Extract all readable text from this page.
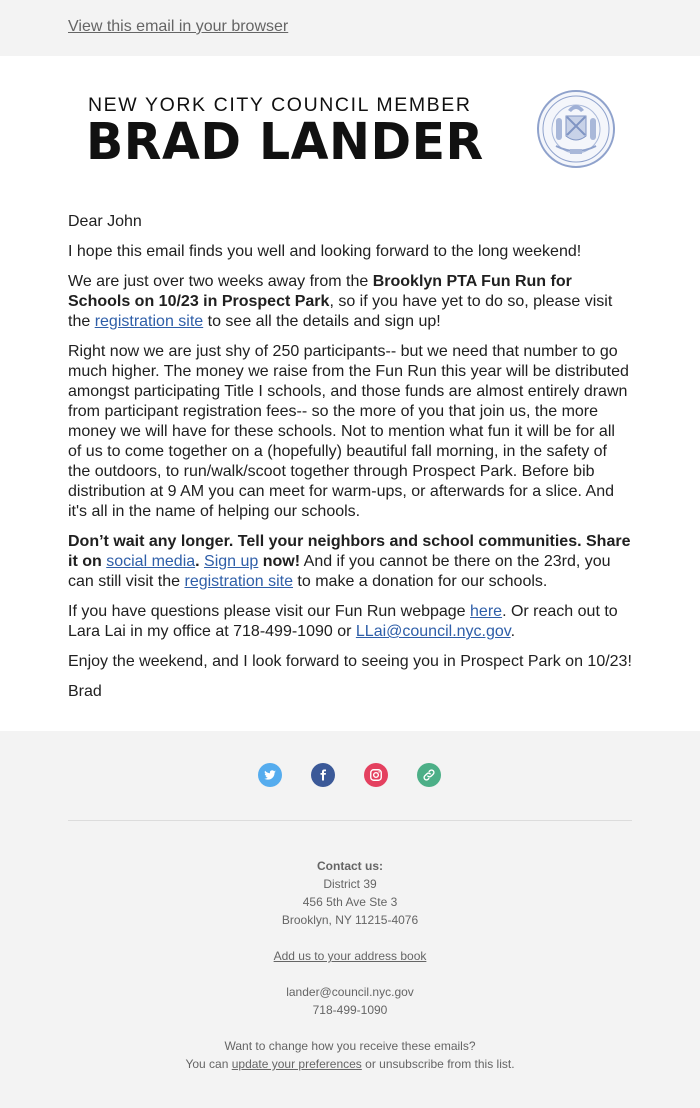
View this email in your browser
NEW YORK CITY COUNCIL MEMBER
BRAD LANDER

Dear John

I hope this email finds you well and looking forward to the long weekend!

We are just over two weeks away from the Brooklyn PTA Fun Run for Schools on 10/23 in Prospect Park, so if you have yet to do so, please visit the registration site to see all the details and sign up!

Right now we are just shy of 250 participants-- but we need that number to go much higher. The money we raise from the Fun Run this year will be distributed amongst participating Title I schools, and those funds are almost entirely drawn from participant registration fees-- so the more of you that join us, the more money we will have for these schools. Not to mention what fun it will be for all of us to come together on a (hopefully) beautiful fall morning, in the safety of the outdoors, to run/walk/scoot together through Prospect Park. Before bib distribution at 9 AM you can meet for warm-ups, or afterwards for a slice. And it's all in the name of helping our schools.

Don’t wait any longer. Tell your neighbors and school communities. Share it on social media. Sign up now! And if you cannot be there on the 23rd, you can still visit the registration site to make a donation for our schools.

If you have questions please visit our Fun Run webpage here. Or reach out to Lara Lai in my office at 718-499-1090 or LLai@council.nyc.gov.

Enjoy the weekend, and I look forward to seeing you in Prospect Park on 10/23!

Brad

Contact us:
District 39
456 5th Ave Ste 3
Brooklyn, NY 11215-4076
Add us to your address book
lander@council.nyc.gov
718-499-1090
Want to change how you receive these emails?
You can update your preferences or unsubscribe from this list.
